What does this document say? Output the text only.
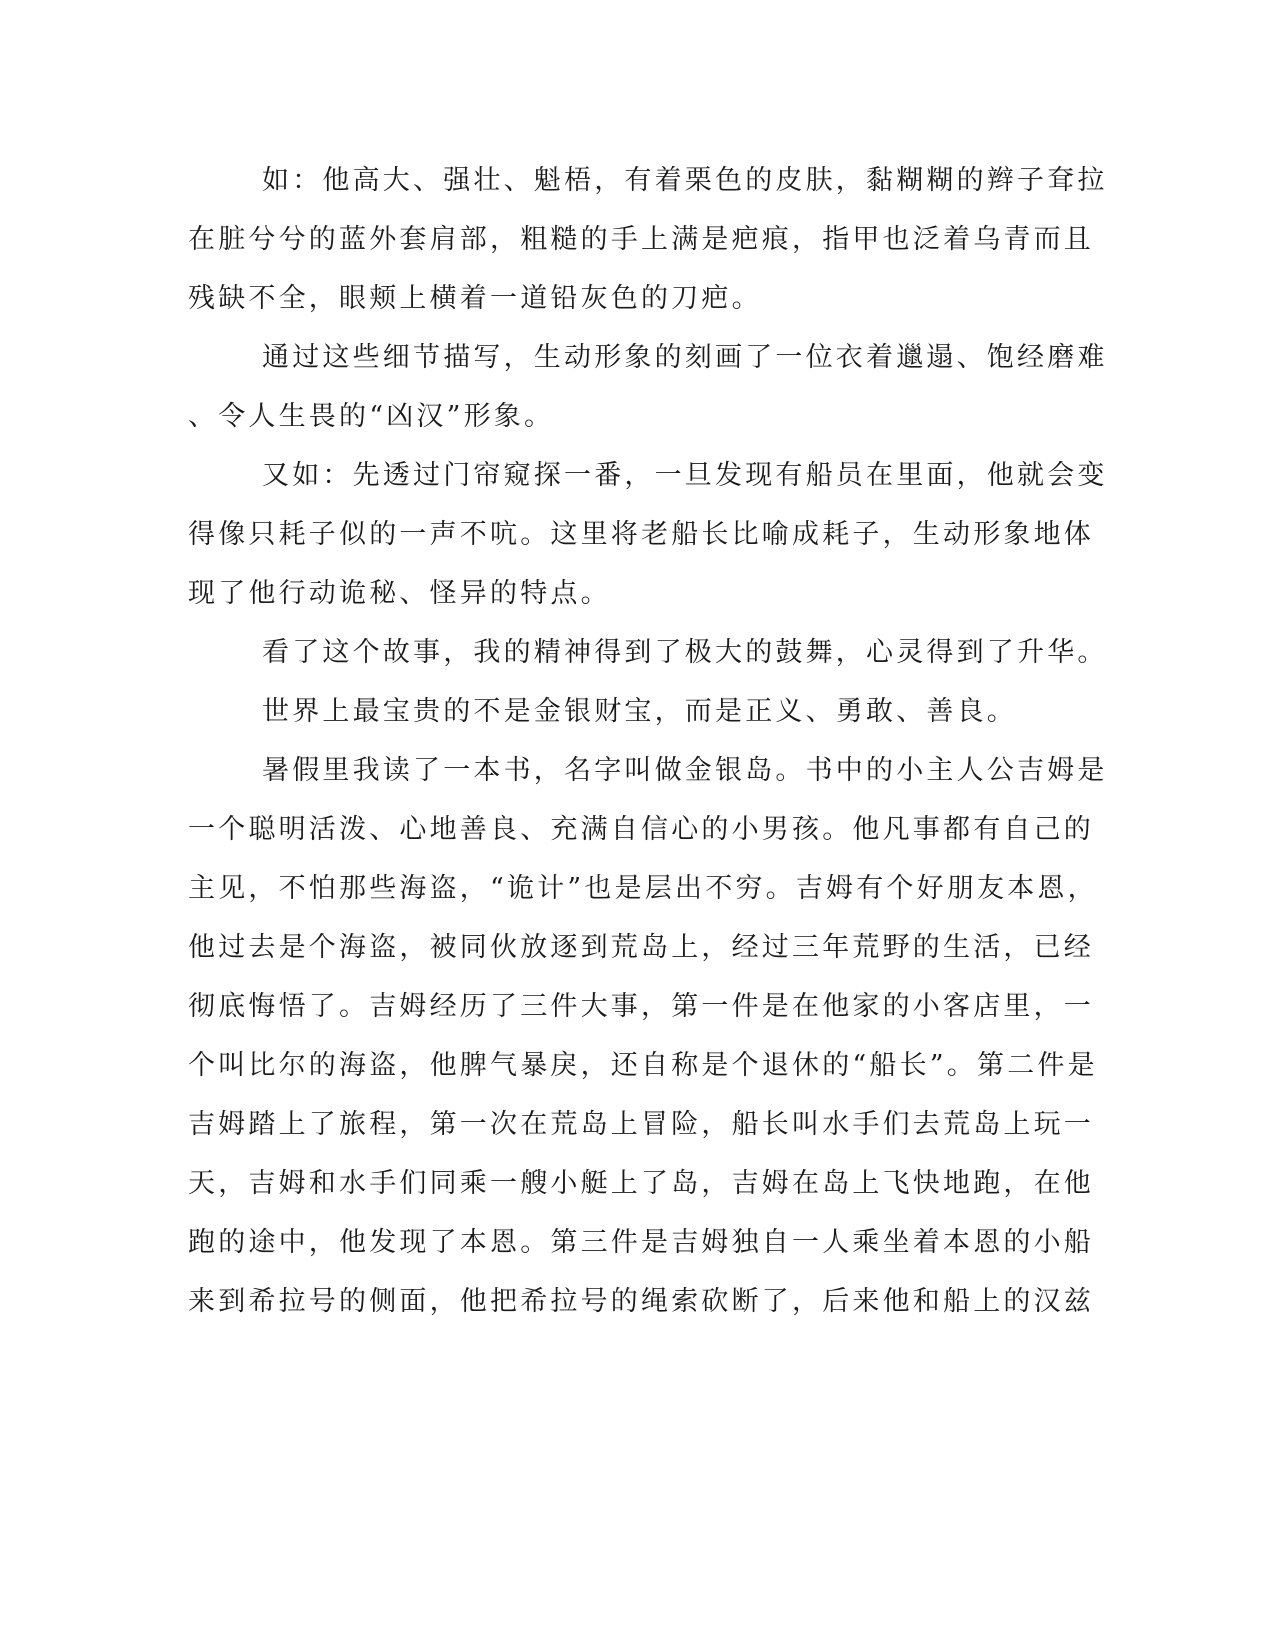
如：他高大、强壮、魁梧，有着栗色的皮肤，黏糊糊的辫子耷拉

在脏兮兮的蓝外套肩部，粗糙的手上满是疤痕，指甲也泛着乌青而且

残缺不全，眼颊上横着一道铅灰色的刀疤。

通过这些细节描写，生动形象的刻画了一位衣着邋遢、饱经磨难

、令人生畏的“凶汉”形象。

又如：先透过门帘窥探一番，一旦发现有船员在里面，他就会变

得像只耗子似的一声不吭。这里将老船长比喻成耗子，生动形象地体

现了他行动诡秘、怪异的特点。

看了这个故事，我的精神得到了极大的鼓舞，心灵得到了升华。

世界上最宝贵的不是金银财宝，而是正义、勇敢、善良。

暑假里我读了一本书，名字叫做金银岛。书中的小主人公吉姆是

一个聪明活泼、心地善良、充满自信心的小男孩。他凡事都有自己的

主见，不怕那些海盗，“诡计”也是层出不穷。吉姆有个好朋友本恩，

他过去是个海盗，被同伙放逐到荒岛上，经过三年荒野的生活，已经

彻底悔悟了。吉姆经历了三件大事，第一件是在他家的小客店里，一

个叫比尔的海盗，他脾气暴戾，还自称是个退休的“船长”。第二件是

吉姆踏上了旅程，第一次在荒岛上冒险，船长叫水手们去荒岛上玩一

天，吉姆和水手们同乘一艘小艇上了岛，吉姆在岛上飞快地跑，在他

跑的途中，他发现了本恩。第三件是吉姆独自一人乘坐着本恩的小船

来到希拉号的侧面，他把希拉号的绳索砍断了，后来他和船上的汉兹
